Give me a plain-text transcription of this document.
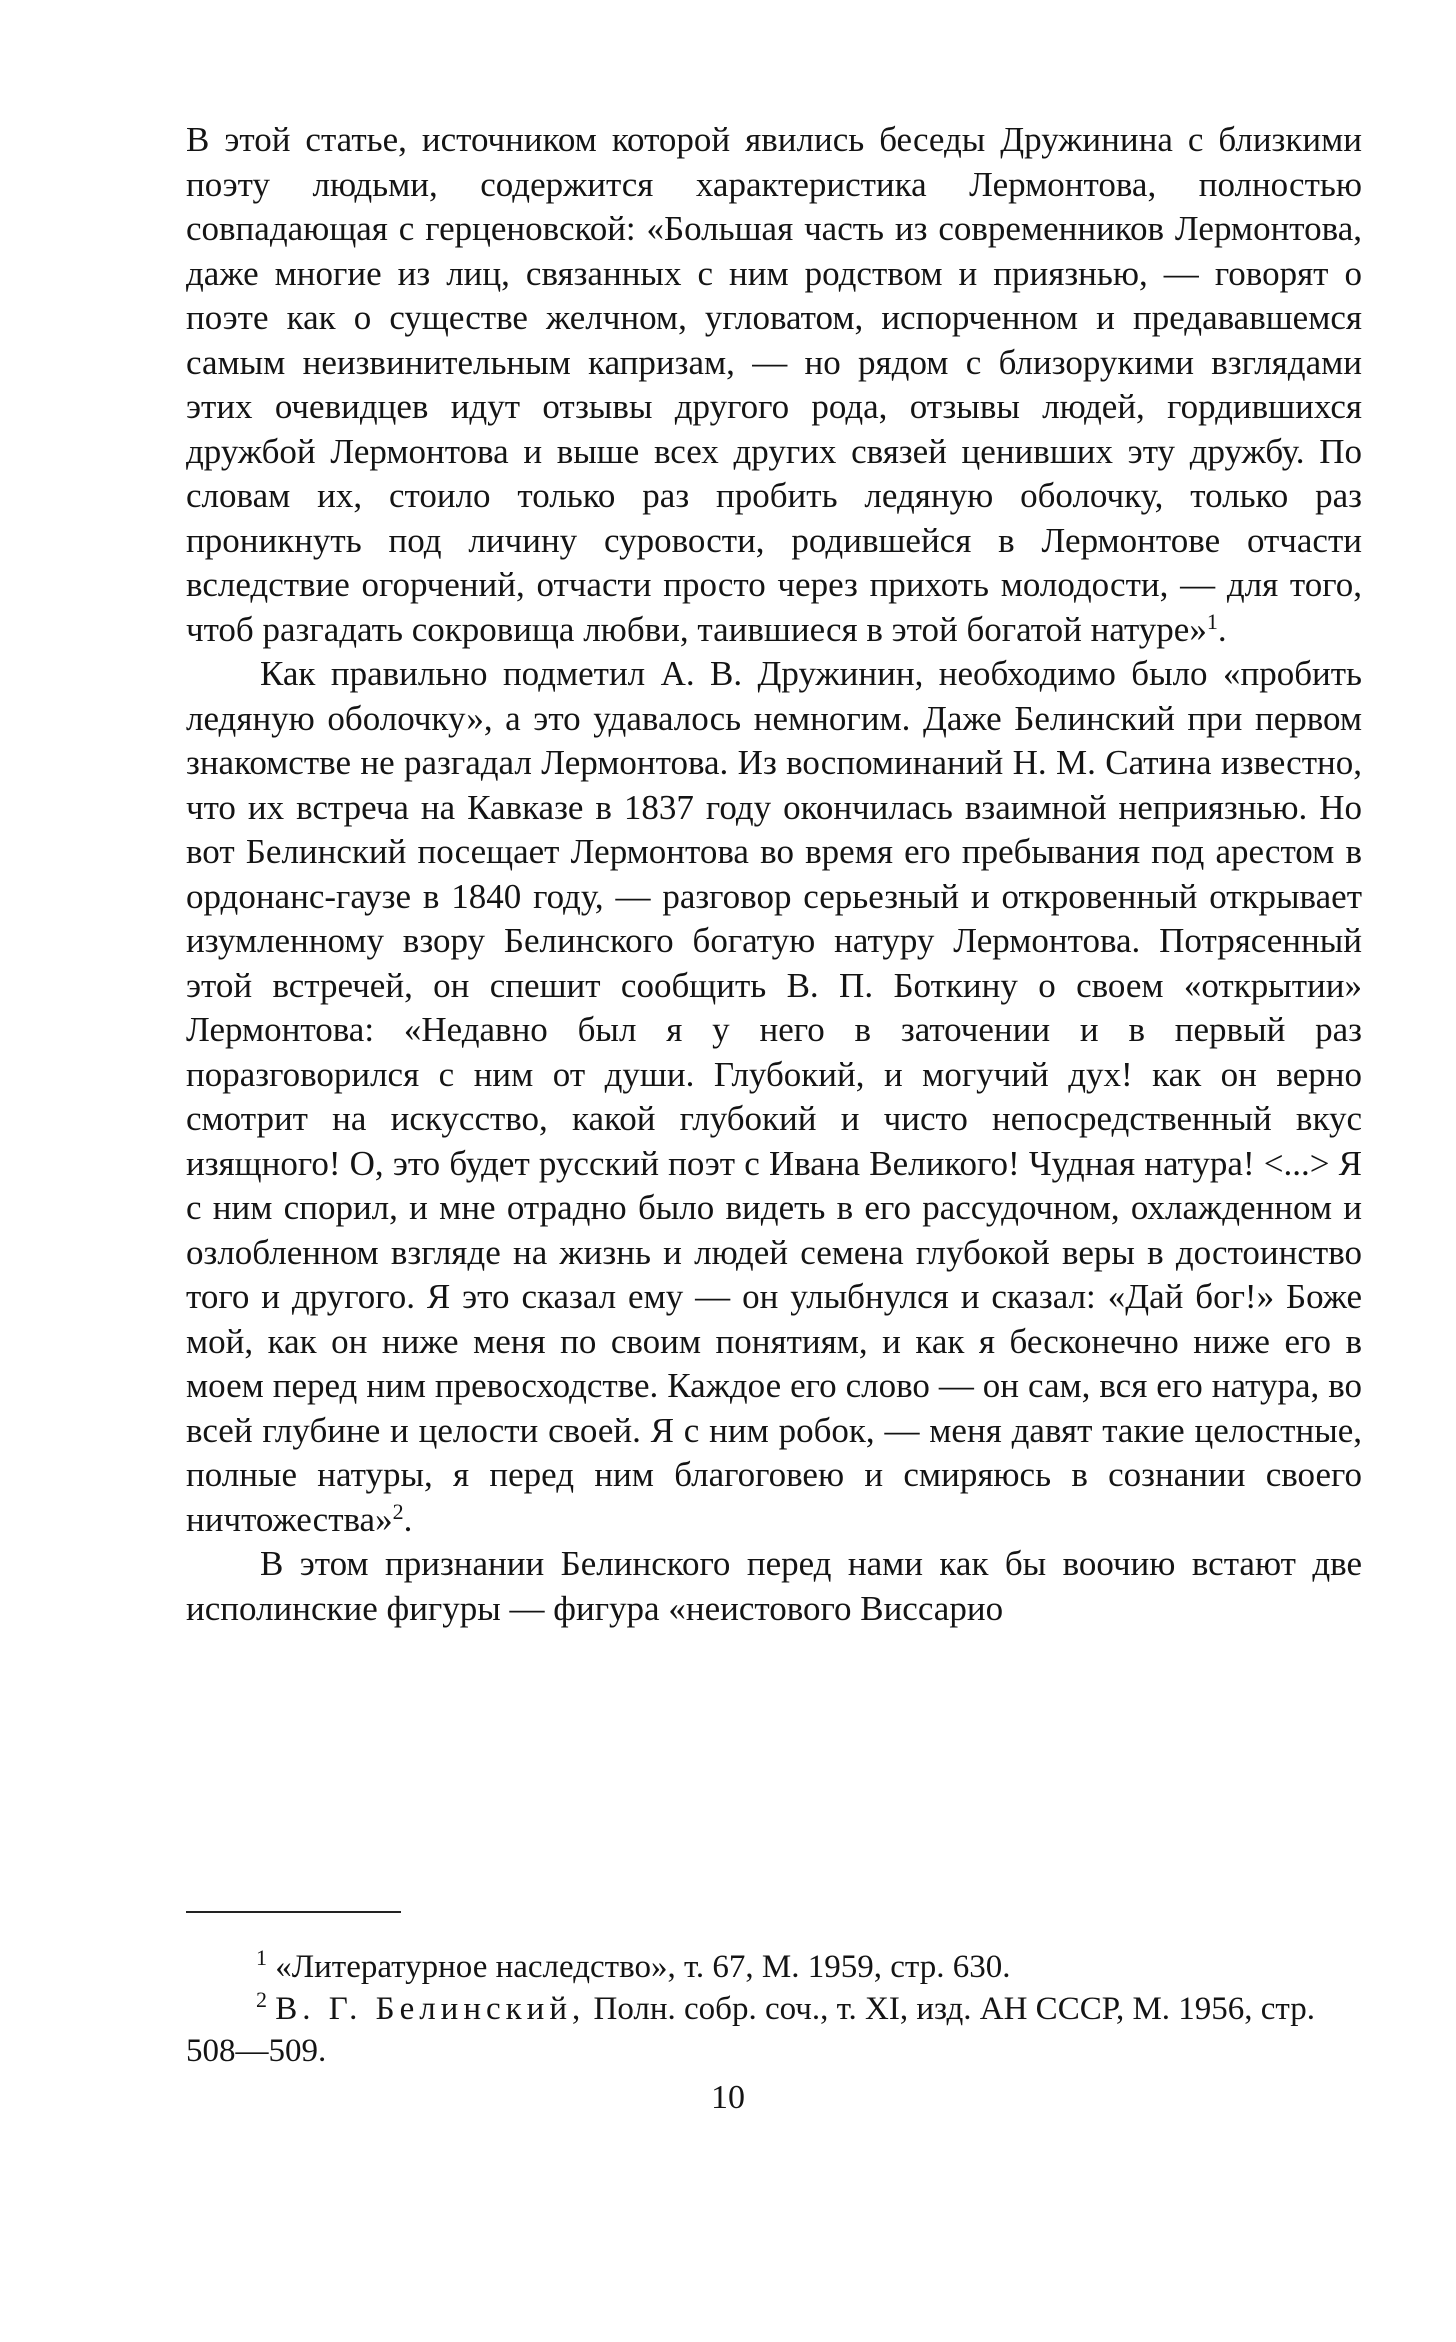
В этой статье, источником которой явились беседы Дружинина с близкими поэту людьми, содержится характеристика Лермонтова, полностью совпадающая с герценовской: «Большая часть из современников Лермонтова, даже многие из лиц, связанных с ним родством и приязнью, — говорят о поэте как о существе желчном, угловатом, испорченном и предававшемся самым неизвинительным капризам, — но рядом с близорукими взглядами этих очевидцев идут отзывы другого рода, отзывы людей, гордившихся дружбой Лермонтова и выше всех других связей ценивших эту дружбу. По словам их, стоило только раз пробить ледяную оболочку, только раз проникнуть под личину суровости, родившейся в Лермонтове отчасти вследствие огорчений, отчасти просто через прихоть молодости, — для того, чтоб разгадать сокровища любви, таившиеся в этой богатой натуре»$^1$.

Как правильно подметил А. В. Дружинин, необходимо было «пробить ледяную оболочку», а это удавалось немногим. Даже Белинский при первом знакомстве не разгадал Лермонтова. Из воспоминаний Н. М. Сатина известно, что их встреча на Кавказе в 1837 году окончилась взаимной неприязнью. Но вот Белинский посещает Лермонтова во время его пребывания под арестом в ордонанс-гаузе в 1840 году, — разговор серьезный и откровенный открывает изумленному взору Белинского богатую натуру Лермонтова. Потрясенный этой встречей, он спешит сообщить В. П. Боткину о своем «открытии» Лермонтова: «Недавно был я у него в заточении и в первый раз поразговорился с ним от души. Глубокий, и могучий дух! как он верно смотрит на искусство, какой глубокий и чисто непосредственный вкус изящного! О, это будет русский поэт с Ивана Великого! Чудная натура! <...> Я с ним спорил, и мне отрадно было видеть в его рассудочном, охлажденном и озлобленном взгляде на жизнь и людей семена глубокой веры в достоинство того и другого. Я это сказал ему — он улыбнулся и сказал: «Дай бог!» Боже мой, как он ниже меня по своим понятиям, и как я бесконечно ниже его в моем перед ним превосходстве. Каждое его слово — он сам, вся его натура, во всей глубине и целости своей. Я с ним робок, — меня давят такие целостные, полные натуры, я перед ним благоговею и смиряюсь в сознании своего ничтожества»$^2$.

В этом признании Белинского перед нами как бы воочию встают две исполинские фигуры — фигура «неистового Виссарио

$^1$ «Литературное наследство», т. 67, М. 1959, стр. 630.

$^2$ В. Г. Белинский, Полн. собр. соч., т. XI, изд. АН СССР, М. 1956, стр. 508—509.

10
